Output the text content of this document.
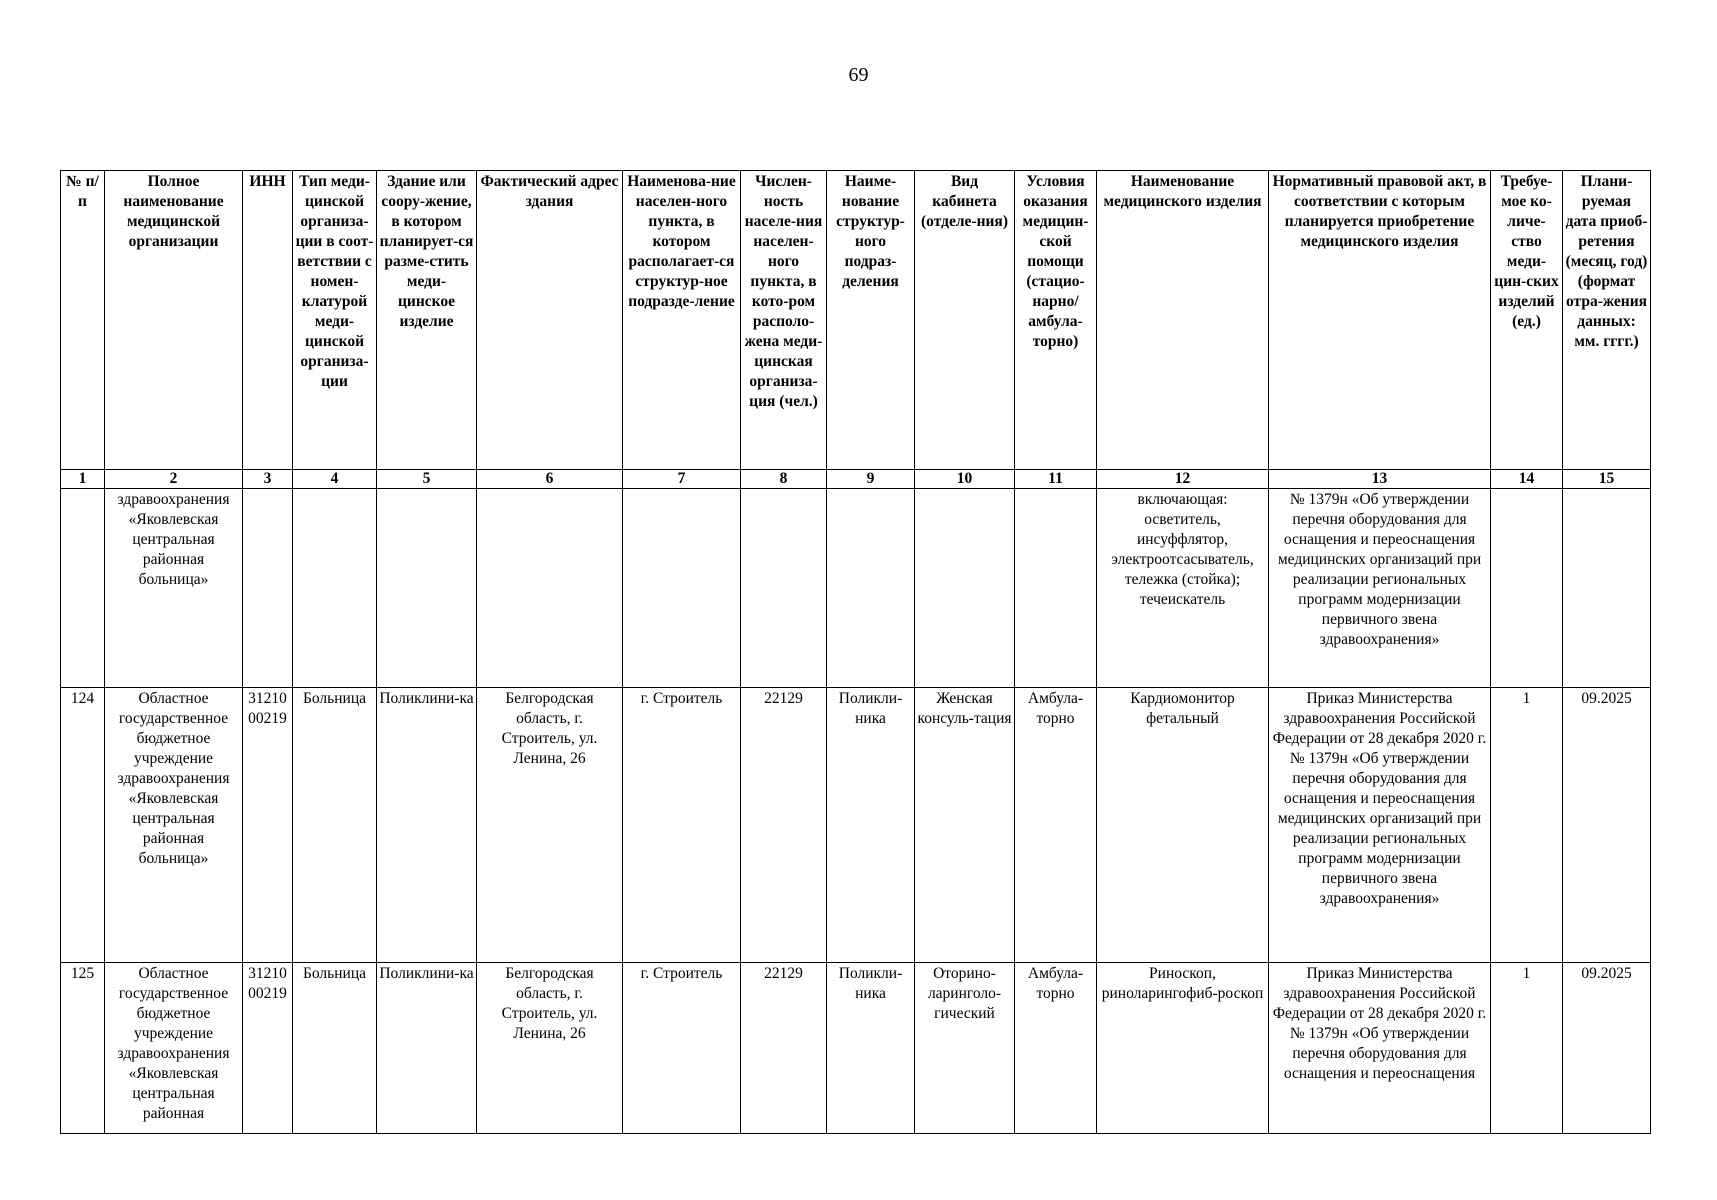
69
№ п/п	Полное наименование медицинской организации	ИНН	Тип меди-цинской организа-ции в соот-ветствии с номен-клатурой меди-цинской организа-ции	Здание или соору-жение, в котором планирует-ся разме-стить меди-цинское изделие	Фактический адрес здания	Наименова-ние населен-ного пункта, в котором располагает-ся структур-ное подразде-ление	Числен-ность населе-ния населен-ного пункта, в кото-ром располо-жена меди-цинская организа-ция (чел.)	Наиме-нование структур-ного подраз-деления	Вид кабинета (отделе-ния)	Условия оказания медицин-ской помощи (стацио-нарно/ амбула-торно)	Наименование медицинского изделия	Нормативный правовой акт, в соответствии с которым планируется приобретение медицинского изделия	Требуе-мое ко-личе-ство меди-цин-ских изделий (ед.)	Плани-руемая дата приоб-ретения (месяц, год) (формат отра-жения данных: мм. гггг.)
1	2	3	4	5	6	7	8	9	10	11	12	13	14	15
	здравоохранения «Яковлевская центральная районная больница»										включающая: осветитель, инсуффлятор, электроотсасыватель, тележка (стойка); течеискатель	№ 1379н «Об утверждении перечня оборудования для оснащения и переоснащения медицинских организаций при реализации региональных программ модернизации первичного звена здравоохранения»		
124	Областное государственное бюджетное учреждение здравоохранения «Яковлевская центральная районная больница»	3121000219	Больница	Поликлини-ка	Белгородская область, г. Строитель, ул. Ленина, 26	г. Строитель	22129	Поликли-ника	Женская консуль-тация	Амбула-торно	Кардиомонитор фетальный	Приказ Министерства здравоохранения Российской Федерации от 28 декабря 2020 г. № 1379н «Об утверждении перечня оборудования для оснащения и переоснащения медицинских организаций при реализации региональных программ модернизации первичного звена здравоохранения»	1	09.2025
125	Областное государственное бюджетное учреждение здравоохранения «Яковлевская центральная районная	3121000219	Больница	Поликлини-ка	Белгородская область, г. Строитель, ул. Ленина, 26	г. Строитель	22129	Поликли-ника	Оторино-ларинголо-гический	Амбула-торно	Риноскоп, риноларингофиб-роскоп	Приказ Министерства здравоохранения Российской Федерации от 28 декабря 2020 г. № 1379н «Об утверждении перечня оборудования для оснащения и переоснащения	1	09.2025
